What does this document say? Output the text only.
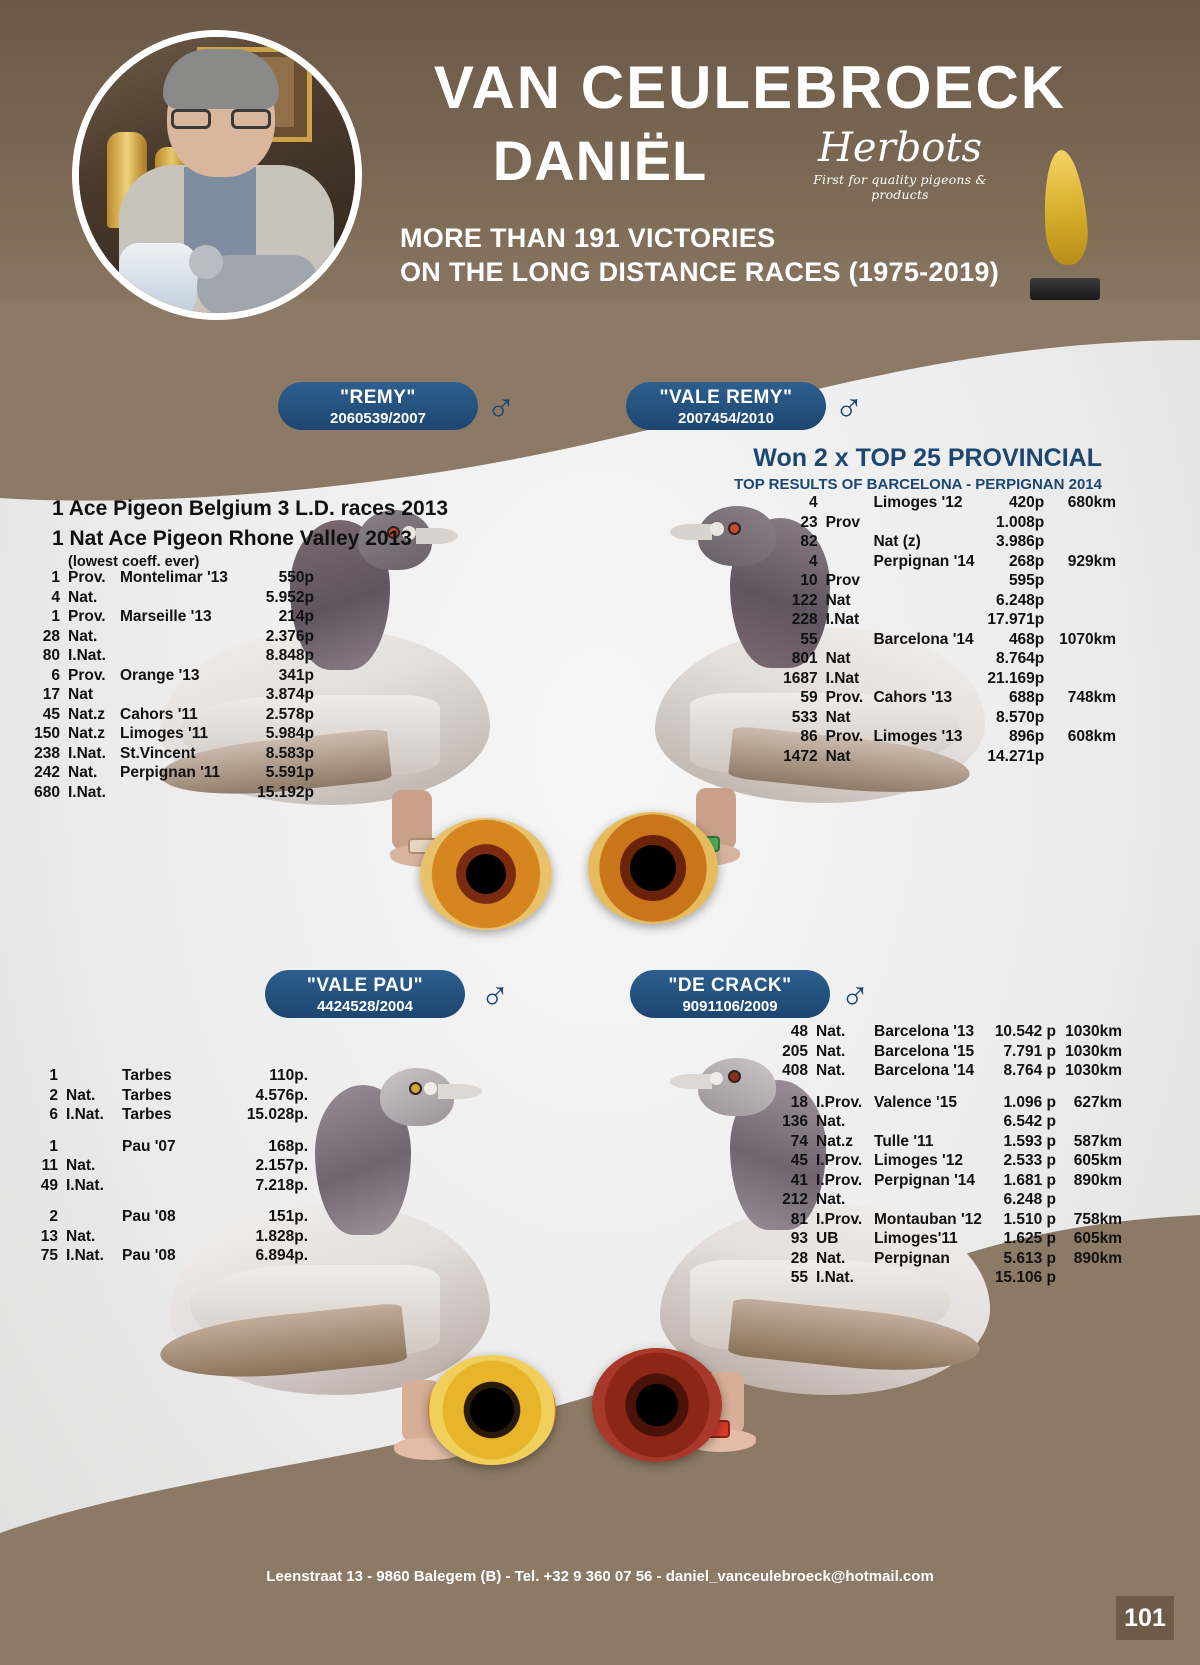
VAN CEULEBROECK
DANIËL	Herbots
First for quality pigeons & products
MORE THAN 191 VICTORIES
ON THE LONG DISTANCE RACES (1975-2019)
"REMY"
2060539/2007	♂	"VALE REMY"
2007454/2010	♂
1 Ace Pigeon Belgium 3 L.D. races 2013
1 Nat Ace Pigeon Rhone Valley 2013
(lowest coeff. ever)
1	Prov.	Montelimar '13	550p	
4	Nat.		5.952p	
1	Prov.	Marseille '13	214p	
28	Nat.		2.376p	
80	I.Nat.		8.848p	
6	Prov.	Orange '13	341p	
17	Nat		3.874p	
45	Nat.z	Cahors '11	2.578p	
150	Nat.z	Limoges '11	5.984p	
238	I.Nat.	St.Vincent	8.583p	
242	Nat.	Perpignan '11	5.591p	
680	I.Nat.		15.192p	
Won 2 x TOP 25 PROVINCIAL
TOP RESULTS OF BARCELONA - PERPIGNAN 2014
4		Limoges '12	420p	680km
23	Prov		1.008p	
82		Nat (z)	3.986p	
4		Perpignan '14	268p	929km
10	Prov		595p	
122	Nat		6.248p	
228	I.Nat		17.971p	
55		Barcelona '14	468p	1070km
801	Nat		8.764p	
1687	I.Nat		21.169p	
59	Prov.	Cahors '13	688p	748km
533	Nat		8.570p	
86	Prov.	Limoges '13	896p	608km
1472	Nat		14.271p	
"VALE PAU"
4424528/2004	♂	"DE CRACK"
9091106/2009	♂
1		Tarbes	110p.	
2	Nat.	Tarbes	4.576p.	
6	I.Nat.	Tarbes	15.028p.	

1		Pau '07	168p.	
11	Nat.		2.157p.	
49	I.Nat.		7.218p.	

2		Pau '08	151p.	
13	Nat.		1.828p.	
75	I.Nat.	Pau '08	6.894p.	
48	Nat.	Barcelona '13	10.542 p	1030km
205	Nat.	Barcelona '15	7.791 p	1030km
408	Nat.	Barcelona '14	8.764 p	1030km

18	I.Prov.	Valence '15	1.096 p	627km
136	Nat.		6.542 p	
74	Nat.z	Tulle '11	1.593 p	587km
45	I.Prov.	Limoges '12	2.533 p	605km
41	I.Prov.	Perpignan '14	1.681 p	890km
212	Nat.		6.248 p	
81	I.Prov.	Montauban '12	1.510 p	758km
93	UB	Limoges'11	1.625 p	605km
28	Nat.	Perpignan	5.613 p	890km
55	I.Nat.		15.106 p	
Leenstraat 13 - 9860 Balegem (B) - Tel. +32 9 360 07 56 - daniel_vanceulebroeck@hotmail.com
101
